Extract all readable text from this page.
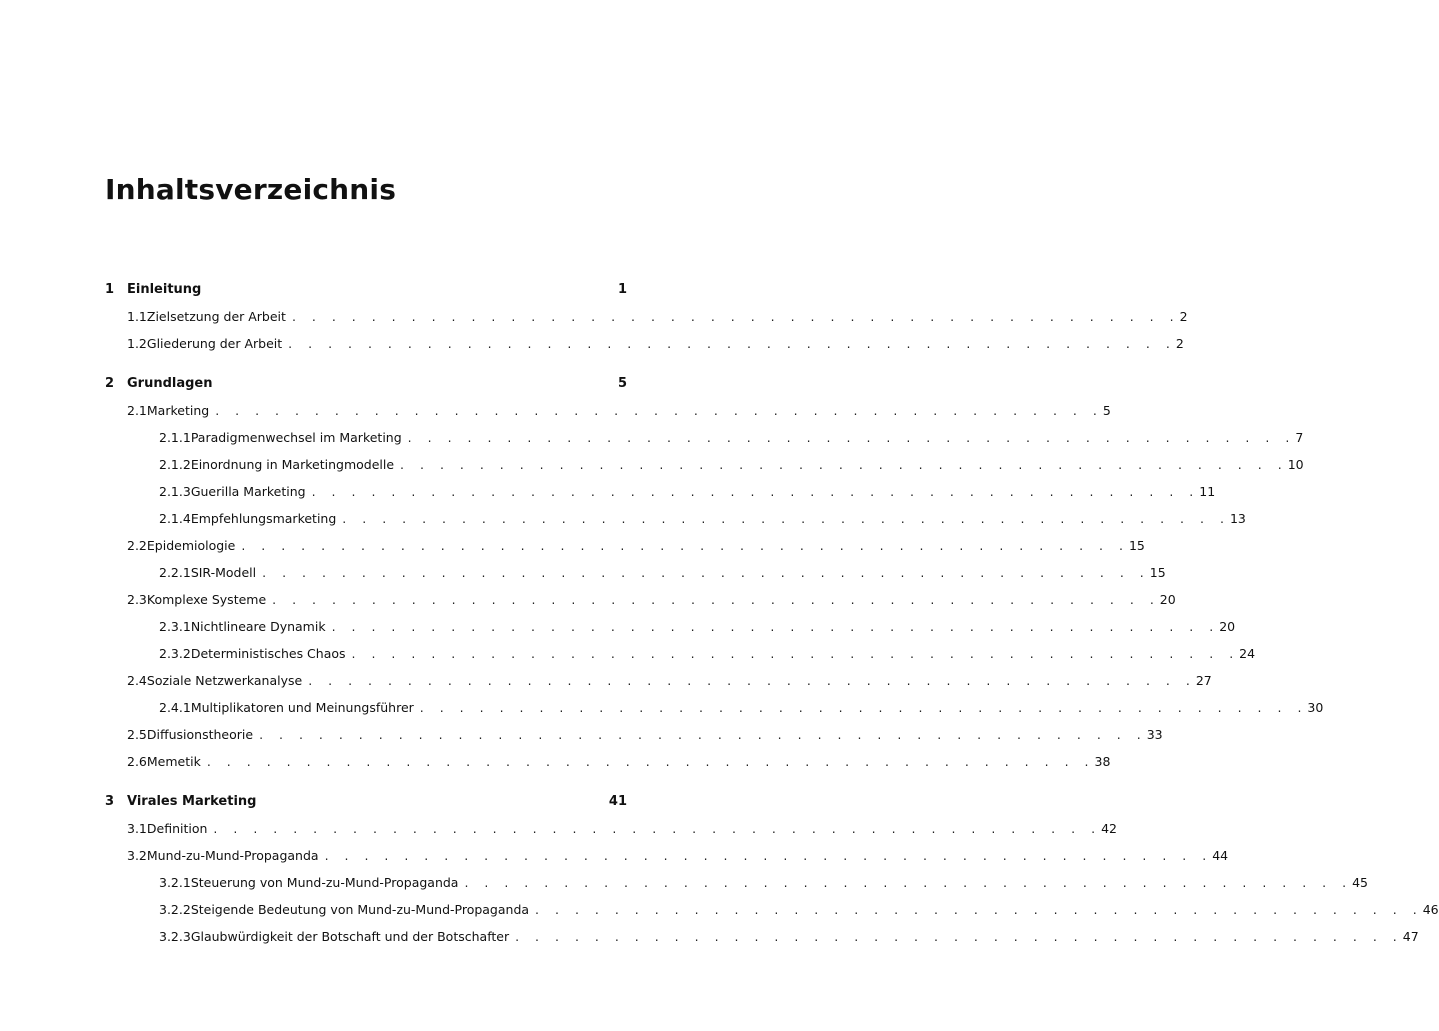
Inhaltsverzeichnis
1 Einleitung	1
1.1 Zielsetzung der Arbeit . . . . . . . . . . . . . . . . . . . . . . . . . . . . . . . . . . . . . . . . . . . . . 2
1.2 Gliederung der Arbeit . . . . . . . . . . . . . . . . . . . . . . . . . . . . . . . . . . . . . . . . . . . . . 2
2 Grundlagen	5
2.1 Marketing . . . . . . . . . . . . . . . . . . . . . . . . . . . . . . . . . . . . . . . . . . . . . 5
2.1.1 Paradigmenwechsel im Marketing . . . . . . . . . . . . . . . . . . . . . . . . . . . . . . . . . . . . . . . . . . . . . 7
2.1.2 Einordnung in Marketingmodelle . . . . . . . . . . . . . . . . . . . . . . . . . . . . . . . . . . . . . . . . . . . . . 10
2.1.3 Guerilla Marketing . . . . . . . . . . . . . . . . . . . . . . . . . . . . . . . . . . . . . . . . . . . . . 11
2.1.4 Empfehlungsmarketing . . . . . . . . . . . . . . . . . . . . . . . . . . . . . . . . . . . . . . . . . . . . . 13
2.2 Epidemiologie . . . . . . . . . . . . . . . . . . . . . . . . . . . . . . . . . . . . . . . . . . . . . 15
2.2.1 SIR-Modell . . . . . . . . . . . . . . . . . . . . . . . . . . . . . . . . . . . . . . . . . . . . . 15
2.3 Komplexe Systeme . . . . . . . . . . . . . . . . . . . . . . . . . . . . . . . . . . . . . . . . . . . . . 20
2.3.1 Nichtlineare Dynamik . . . . . . . . . . . . . . . . . . . . . . . . . . . . . . . . . . . . . . . . . . . . . 20
2.3.2 Deterministisches Chaos . . . . . . . . . . . . . . . . . . . . . . . . . . . . . . . . . . . . . . . . . . . . . 24
2.4 Soziale Netzwerkanalyse . . . . . . . . . . . . . . . . . . . . . . . . . . . . . . . . . . . . . . . . . . . . . 27
2.4.1 Multiplikatoren und Meinungsführer . . . . . . . . . . . . . . . . . . . . . . . . . . . . . . . . . . . . . . . . . . . . . 30
2.5 Diffusionstheorie . . . . . . . . . . . . . . . . . . . . . . . . . . . . . . . . . . . . . . . . . . . . . 33
2.6 Memetik . . . . . . . . . . . . . . . . . . . . . . . . . . . . . . . . . . . . . . . . . . . . . 38
3 Virales Marketing	41
3.1 Definition . . . . . . . . . . . . . . . . . . . . . . . . . . . . . . . . . . . . . . . . . . . . . 42
3.2 Mund-zu-Mund-Propaganda . . . . . . . . . . . . . . . . . . . . . . . . . . . . . . . . . . . . . . . . . . . . . 44
3.2.1 Steuerung von Mund-zu-Mund-Propaganda . . . . . . . . . . . . . . . . . . . . . . . . . . . . . . . . . . . . . . . . . . . . . 45
3.2.2 Steigende Bedeutung von Mund-zu-Mund-Propaganda . . . . . . . . . . . . . . . . . . . . . . . . . . . . . . . . . . . . . . . . . . . . . 46
3.2.3 Glaubwürdigkeit der Botschaft und der Botschafter . . . . . . . . . . . . . . . . . . . . . . . . . . . . . . . . . . . . . . . . . . . . . 47
